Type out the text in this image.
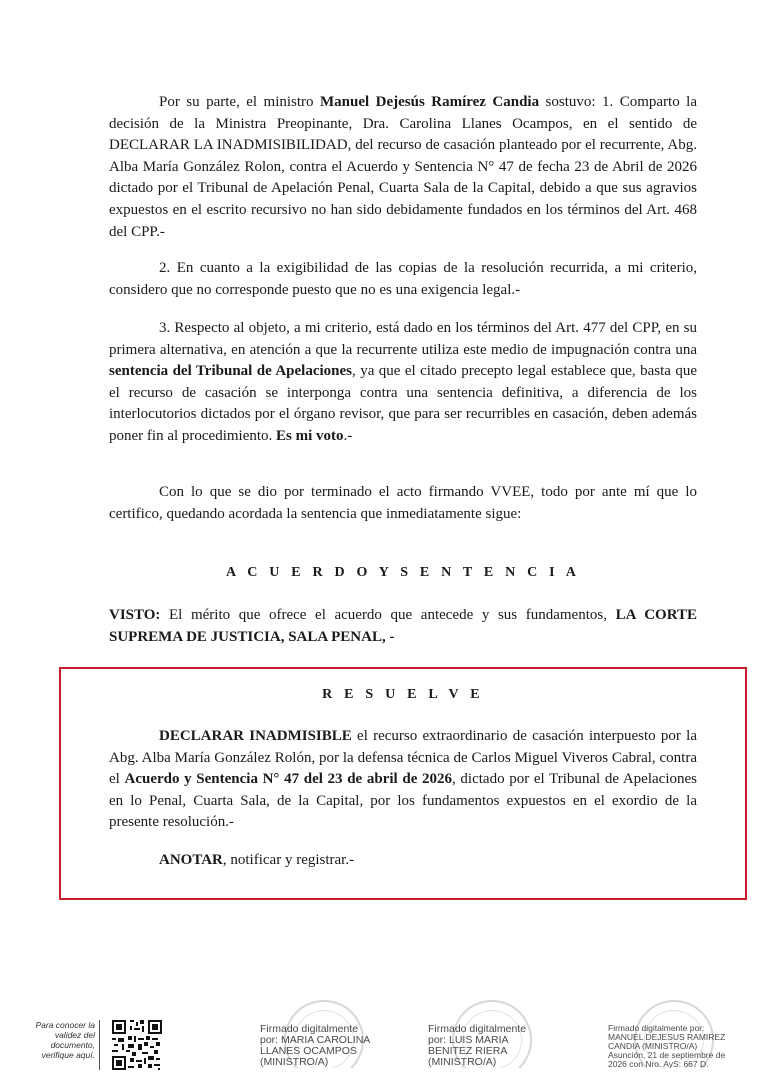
Por su parte, el ministro Manuel Dejesús Ramírez Candia sostuvo: 1. Comparto la decisión de la Ministra Preopinante, Dra. Carolina Llanes Ocampos, en el sentido de DECLARAR LA INADMISIBILIDAD, del recurso de casación planteado por el recurrente, Abg. Alba María González Rolon, contra el Acuerdo y Sentencia N° 47 de fecha 23 de Abril de 2026 dictado por el Tribunal de Apelación Penal, Cuarta Sala de la Capital, debido a que sus agravios expuestos en el escrito recursivo no han sido debidamente fundados en los términos del Art. 468 del CPP.-

2. En cuanto a la exigibilidad de las copias de la resolución recurrida, a mi criterio, considero que no corresponde puesto que no es una exigencia legal.-

3. Respecto al objeto, a mi criterio, está dado en los términos del Art. 477 del CPP, en su primera alternativa, en atención a que la recurrente utiliza este medio de impugnación contra una sentencia del Tribunal de Apelaciones, ya que el citado precepto legal establece que, basta que el recurso de casación se interponga contra una sentencia definitiva, a diferencia de los interlocutorios dictados por el órgano revisor, que para ser recurribles en casación, deben además poner fin al procedimiento. Es mi voto.-

Con lo que se dio por terminado el acto firmando VVEE, todo por ante mí que lo certifico, quedando acordada la sentencia que inmediatamente sigue:

A C U E R D O Y S E N T E N C I A

VISTO: El mérito que ofrece el acuerdo que antecede y sus fundamentos, LA CORTE SUPREMA DE JUSTICIA, SALA PENAL, -

R E S U E L V E

DECLARAR INADMISIBLE el recurso extraordinario de casación interpuesto por la Abg. Alba María González Rolón, por la defensa técnica de Carlos Miguel Viveros Cabral, contra el Acuerdo y Sentencia N° 47 del 23 de abril de 2026, dictado por el Tribunal de Apelaciones en lo Penal, Cuarta Sala, de la Capital, por los fundamentos expuestos en el exordio de la presente resolución.-

ANOTAR, notificar y registrar.-

Para conocer la
validez del
documento,
verifique aquí.
Firmado digitalmente
por: MARIA CAROLINA
LLANES OCAMPOS
(MINISTRO/A)
Firmado digitalmente
por: LUIS MARIA
BENITEZ RIERA
(MINISTRO/A)
Firmado digitalmente por:
MANUEL DEJESUS RAMIREZ
CANDIA (MINISTRO/A)
Asunción, 21 de septiembre de
2026 con Nro. AyS: 667 D.
